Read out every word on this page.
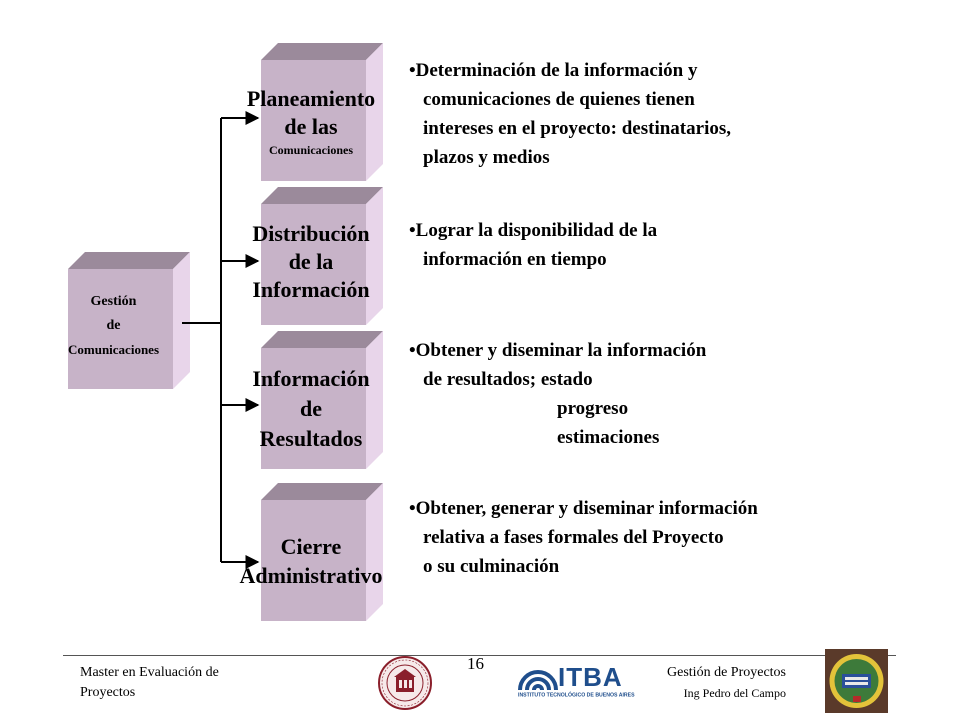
Gestión
de
Comunicaciones
Planeamiento
de las
Comunicaciones
Distribución
de la
Información
Información
de
Resultados
Cierre
Administrativo
•Determinación de la información y
comunicaciones de quienes tienen
intereses en el proyecto: destinatarios,
plazos y medios
•Lograr la disponibilidad de la
información en tiempo
•Obtener y diseminar la información
de resultados; estado
progreso
estimaciones
•Obtener, generar y diseminar información
relativa a fases formales del Proyecto
o su culminación
Master en Evaluación de
Proyectos
16	ITBA
INSTITUTO TECNOLÓGICO DE BUENOS AIRES
Gestión de Proyectos
Ing Pedro del Campo
